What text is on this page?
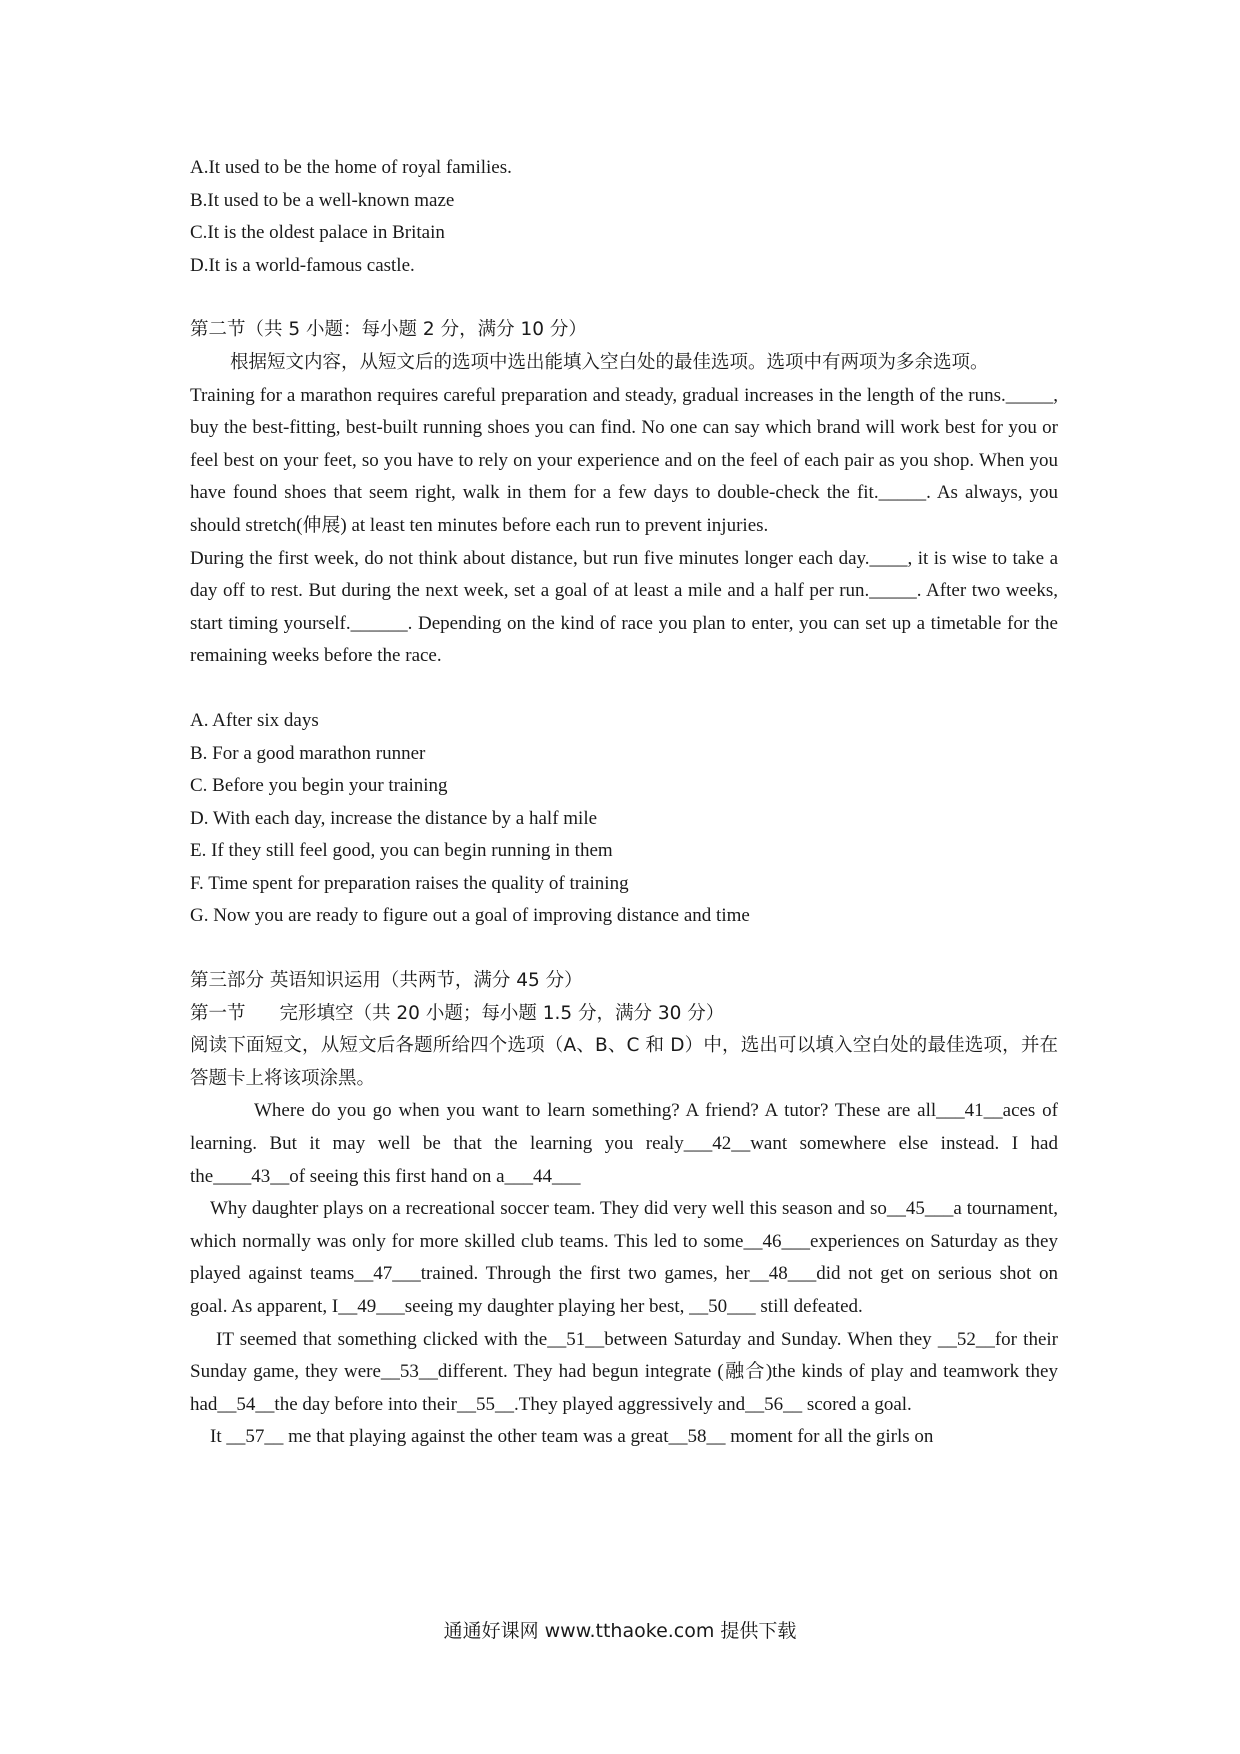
A.It used to be the home of royal families.

B.It used to be a well-known maze

C.It is the oldest palace in Britain

D.It is a world-famous castle.

第二节（共 5 小题：每小题 2 分，满分 10 分）

根据短文内容，从短文后的选项中选出能填入空白处的最佳选项。选项中有两项为多余选项。

Training for a marathon requires careful preparation and steady, gradual increases in the length of the runs._____, buy the best-fitting, best-built running shoes you can find. No one can say which brand will work best for you or feel best on your feet, so you have to rely on your experience and on the feel of each pair as you shop. When you have found shoes that seem right, walk in them for a few days to double-check the fit._____. As always, you should stretch(伸展) at least ten minutes before each run to prevent injuries.

During the first week, do not think about distance, but run five minutes longer each day.____, it is wise to take a day off to rest. But during the next week, set a goal of at least a mile and a half per run._____. After two weeks, start timing yourself.______. Depending on the kind of race you plan to enter, you can set up a timetable for the remaining weeks before the race.

A. After six days

B. For a good marathon runner

C. Before you begin your training

D. With each day, increase the distance by a half mile

E. If they still feel good, you can begin running in them

F. Time spent for preparation raises the quality of training

G. Now you are ready to figure out a goal of improving distance and time

第三部分 英语知识运用（共两节，满分 45 分）

第一节 完形填空（共 20 小题；每小题 1.5 分，满分 30 分）

阅读下面短文，从短文后各题所给四个选项（A、B、C 和 D）中，选出可以填入空白处的最佳选项，并在答题卡上将该项涂黑。

Where do you go when you want to learn something? A friend? A tutor? These are all___41__aces of learning. But it may well be that the learning you realy___42__want somewhere else instead. I had the____43__of seeing this first hand on a___44___

Why daughter plays on a recreational soccer team. They did very well this season and so__45___a tournament, which normally was only for more skilled club teams. This led to some__46___experiences on Saturday as they played against teams__47___trained. Through the first two games, her__48___did not get on serious shot on goal. As apparent, I__49___seeing my daughter playing her best, __50___ still defeated.

IT seemed that something clicked with the__51__between Saturday and Sunday. When they __52__for their Sunday game, they were__53__different. They had begun integrate (融合)the kinds of play and teamwork they had__54__the day before into their__55__.They played aggressively and__56__ scored a goal.

It __57__ me that playing against the other team was a great__58__ moment for all the girls on

通通好课网 www.tthaoke.com 提供下载
